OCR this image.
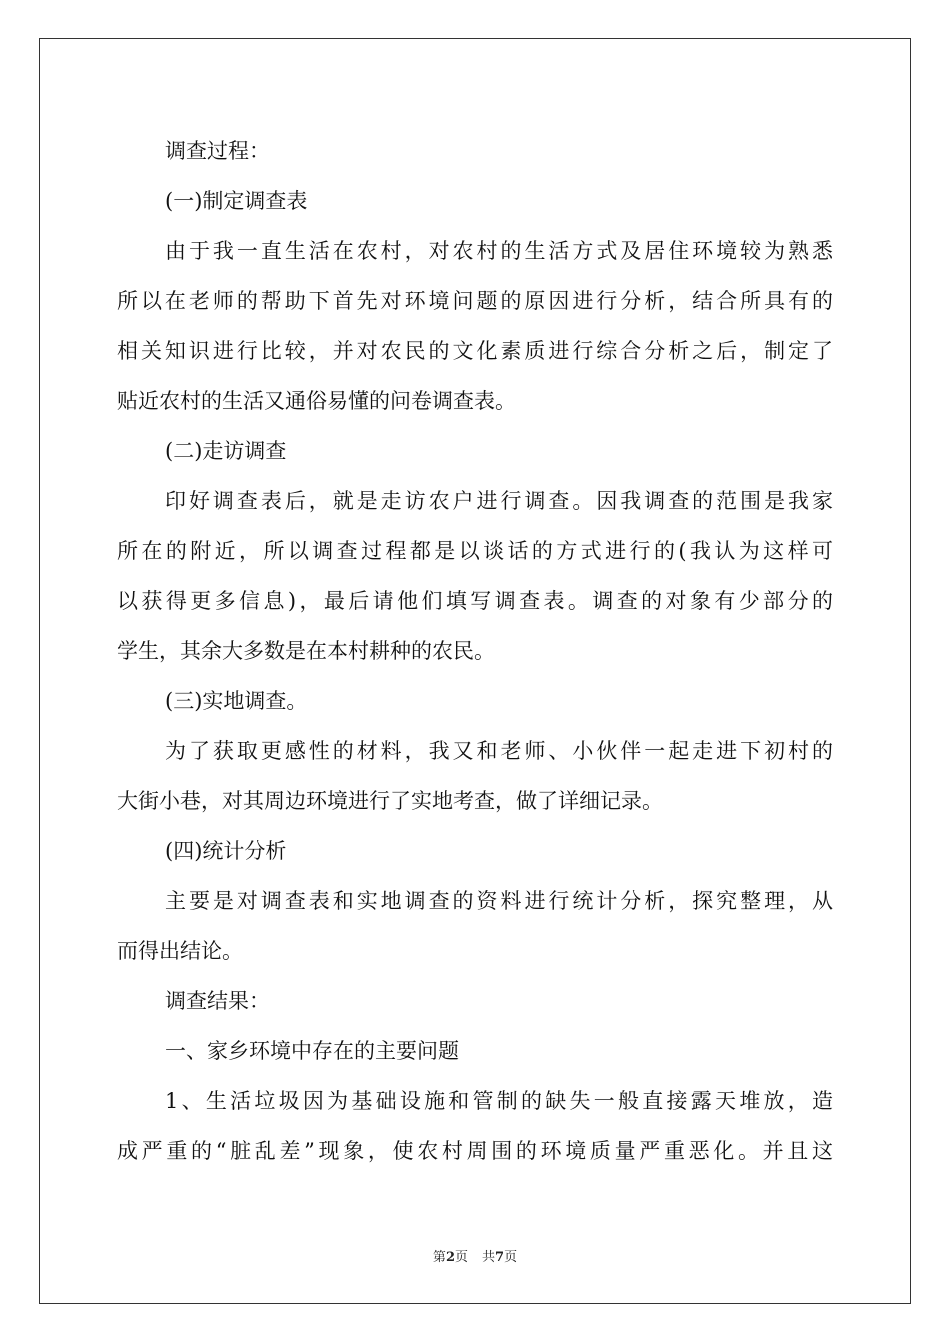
调查过程：
(一)制定调查表
由于我一直生活在农村，对农村的生活方式及居住环境较为熟悉
所以在老师的帮助下首先对环境问题的原因进行分析，结合所具有的
相关知识进行比较，并对农民的文化素质进行综合分析之后，制定了
贴近农村的生活又通俗易懂的问卷调查表。
(二)走访调查
印好调查表后，就是走访农户进行调查。因我调查的范围是我家
所在的附近，所以调查过程都是以谈话的方式进行的(我认为这样可
以获得更多信息)，最后请他们填写调查表。调查的对象有少部分的
学生，其余大多数是在本村耕种的农民。
(三)实地调查。
为了获取更感性的材料，我又和老师、小伙伴一起走进下初村的
大街小巷，对其周边环境进行了实地考查，做了详细记录。
(四)统计分析
主要是对调查表和实地调查的资料进行统计分析，探究整理，从
而得出结论。
调查结果：
一、家乡环境中存在的主要问题
1、生活垃圾因为基础设施和管制的缺失一般直接露天堆放，造
成严重的“脏乱差”现象，使农村周围的环境质量严重恶化。并且这
第2页 共7页
